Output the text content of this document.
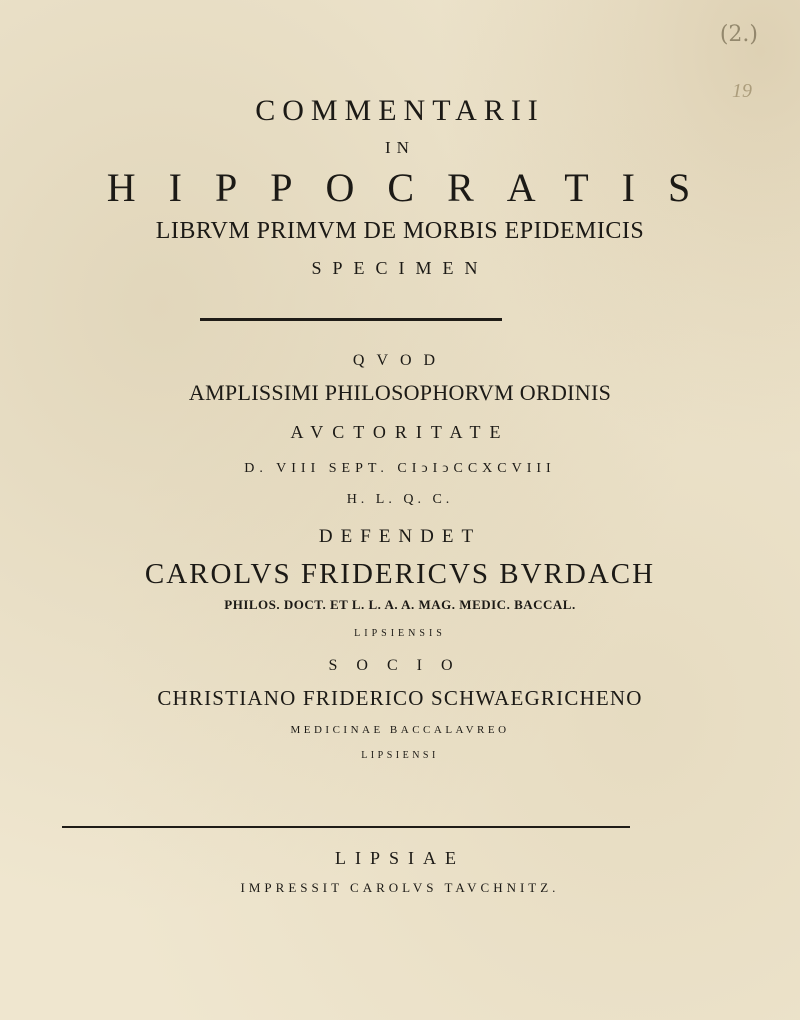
(2.)
19
COMMENTARII
IN
HIPPOCRATIS
LIBRVM PRIMVM DE MORBIS EPIDEMICIS
SPECIMEN
QVOD
AMPLISSIMI PHILOSOPHORVM ORDINIS
AVCTORITATE
D. VIII SEPT. CIↄIↄCCXCVIII
H. L. Q. C.
DEFENDET
CAROLVS FRIDERICVS BVRDACH
PHILOS. DOCT. ET L. L. A. A. MAG. MEDIC. BACCAL.
LIPSIENSIS
SOCIO
CHRISTIANO FRIDERICO SCHWAEGRICHENO
MEDICINAE BACCALAVREO
LIPSIENSI
LIPSIAE
IMPRESSIT CAROLVS TAVCHNITZ.
